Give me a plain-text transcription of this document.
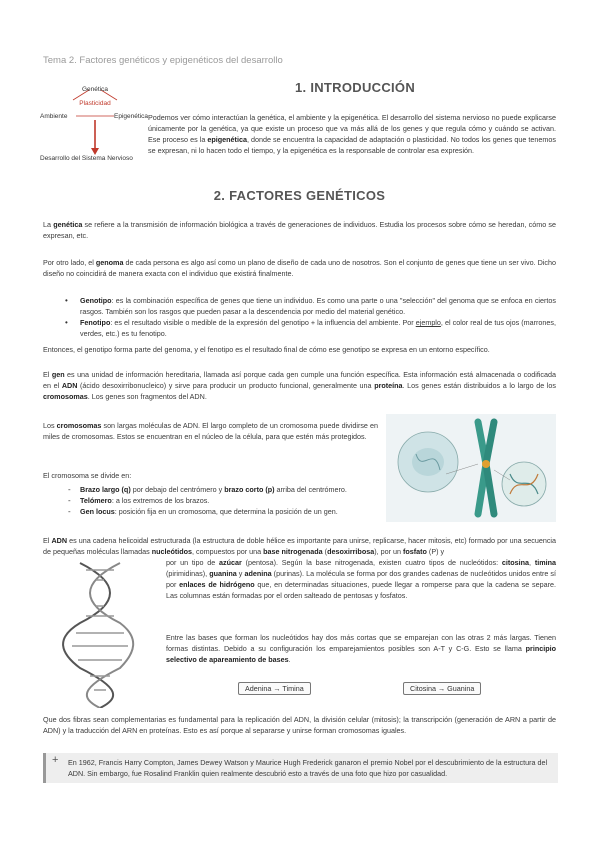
Tema 2. Factores genéticos y epigenéticos del desarrollo
Genética
Plasticidad
Ambiente	Epigenética
Desarrollo del Sistema Nervioso
1. INTRODUCCIÓN
Podemos ver cómo interactúan la genética, el ambiente y la epigenética. El desarrollo del sistema nervioso no puede explicarse únicamente por la genética, ya que existe un proceso que va más allá de los genes y que regula cómo y cuándo se activan. Ese proceso es la epigenética, donde se encuentra la capacidad de adaptación o plasticidad. No todos los genes que tenemos se expresan, ni lo hacen todo el tiempo, y la epigenética es la responsable de controlar esa expresión.
2. FACTORES GENÉTICOS
La genética se refiere a la transmisión de información biológica a través de generaciones de individuos. Estudia los procesos sobre cómo se heredan, cómo se expresan, etc.
Por otro lado, el genoma de cada persona es algo así como un plano de diseño de cada uno de nosotros. Son el conjunto de genes que tiene un ser vivo. Dicho diseño no coincidirá de manera exacta con el individuo que existirá finalmente.
• Genotipo: es la combinación específica de genes que tiene un individuo. Es como una parte o una "selección" del genoma que se enfoca en ciertos rasgos. También son los rasgos que pueden pasar a la descendencia por medio del material genético.
• Fenotipo: es el resultado visible o medible de la expresión del genotipo + la influencia del ambiente. Por ejemplo, el color real de tus ojos (marrones, verdes, etc.) es tu fenotipo.
Entonces, el genotipo forma parte del genoma, y el fenotipo es el resultado final de cómo ese genotipo se expresa en un entorno específico.
El gen es una unidad de información hereditaria, llamada así porque cada gen cumple una función específica. Esta información está almacenada o codificada en el ADN (ácido desoxirribonucleico) y sirve para producir un producto funcional, generalmente una proteína. Los genes están distribuidos a lo largo de los cromosomas. Los genes son fragmentos del ADN.
Los cromosomas son largas moléculas de ADN. El largo completo de un cromosoma puede dividirse en miles de cromosomas. Estos se encuentran en el núcleo de la célula, para que estén más protegidos.
El cromosoma se divide en:
- Brazo largo (q) por debajo del centrómero y brazo corto (p) arriba del centrómero.
- Telómero: a los extremos de los brazos.
- Gen locus: posición fija en un cromosoma, que determina la posición de un gen.
El ADN es una cadena helicoidal estructurada (la estructura de doble hélice es importante para unirse, replicarse, hacer mitosis, etc) formado por una secuencia de pequeñas moléculas llamadas nucleótidos, compuestos por una base nitrogenada (desoxirribosa), por un fosfato (P) y
por un tipo de azúcar (pentosa). Según la base nitrogenada, existen cuatro tipos de nucleótidos: citosina, timina (pirimidinas), guanina y adenina (purinas). La molécula se forma por dos grandes cadenas de nucleótidos unidos entre sí por enlaces de hidrógeno que, en determinadas situaciones, puede llegar a romperse para que la cadena se separe. Las columnas están formadas por el orden salteado de pentosas y fosfatos.
Entre las bases que forman los nucleótidos hay dos más cortas que se emparejan con las otras 2 más largas. Tienen formas distintas. Debido a su configuración los emparejamientos posibles son A-T y C-G. Esto se llama principio selectivo de apareamiento de bases.
Adenina → Timina	Citosina → Guanina
Que dos fibras sean complementarias es fundamental para la replicación del ADN, la división celular (mitosis); la transcripción (generación de ARN a partir de ADN) y la traducción del ARN en proteínas. Esto es así porque al separarse y unirse forman cromosomas iguales.
+ En 1962, Francis Harry Compton, James Dewey Watson y Maurice Hugh Frederick ganaron el premio Nobel por el descubrimiento de la estructura del ADN. Sin embargo, fue Rosalind Franklin quien realmente descubrió esto a través de una foto que hizo por casualidad.
